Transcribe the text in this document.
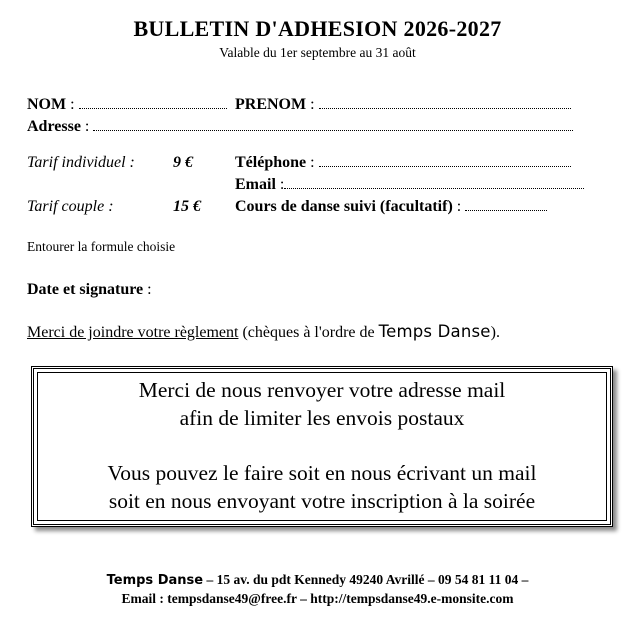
BULLETIN D'ADHESION 2026-2027
Valable du 1er septembre au 31 août
NOM :	PRENOM :
Adresse :
Tarif individuel : 9 €	Téléphone :
Email :
Tarif couple :	15 € Cours de danse suivi (facultatif) :
Entourer la formule choisie
Date et signature :
Merci de joindre votre règlement (chèques à l'ordre de Temps Danse).
Merci de nous renvoyer votre adresse mail
afin de limiter les envois postaux
Vous pouvez le faire soit en nous écrivant un mail
soit en nous envoyant votre inscription à la soirée
Temps Danse – 15 av. du pdt Kennedy 49240 Avrillé – 09 54 81 11 04 –
Email : tempsdanse49@free.fr – http://tempsdanse49.e-monsite.com
